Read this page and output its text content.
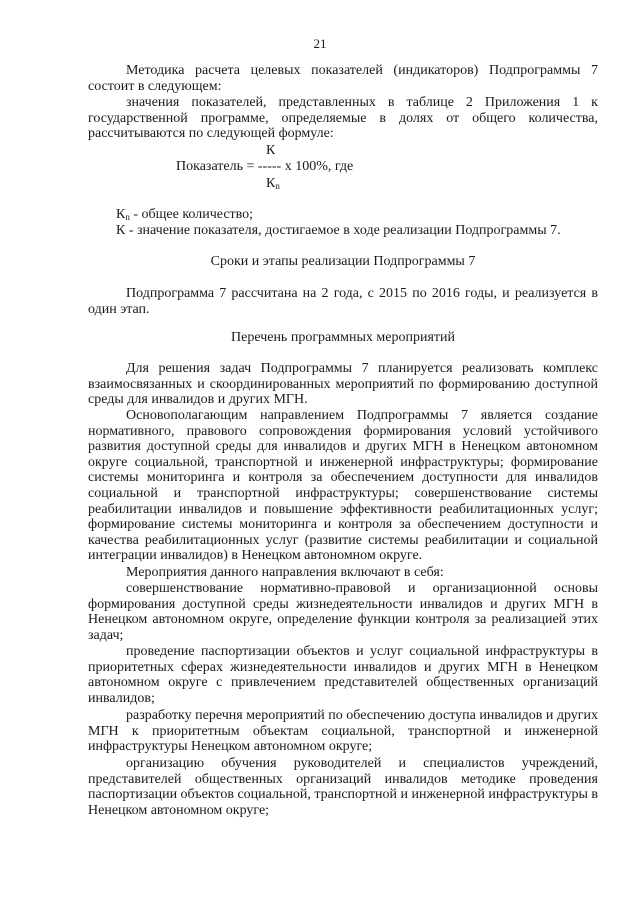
21

Методика расчета целевых показателей (индикаторов) Подпрограммы 7 состоит в следующем:

значения показателей, представленных в таблице 2 Приложения 1 к государственной программе, определяемые в долях от общего количества, рассчитываются по следующей формуле:

К
Показатель = ----- х 100%, где
$К_n$

$К_n$ - общее количество;

К - значение показателя, достигаемое в ходе реализации Подпрограммы 7.

Сроки и этапы реализации Подпрограммы 7

Подпрограмма 7 рассчитана на 2 года, с 2015 по 2016 годы, и реализуется в один этап.

Перечень программных мероприятий

Для решения задач Подпрограммы 7 планируется реализовать комплекс взаимосвязанных и скоординированных мероприятий по формированию доступной среды для инвалидов и других МГН.

Основополагающим направлением Подпрограммы 7 является создание нормативного, правового сопровождения формирования условий устойчивого развития доступной среды для инвалидов и других МГН в Ненецком автономном округе социальной, транспортной и инженерной инфраструктуры; формирование системы мониторинга и контроля за обеспечением доступности для инвалидов социальной и транспортной инфраструктуры; совершенствование системы реабилитации инвалидов и повышение эффективности реабилитационных услуг; формирование системы мониторинга и контроля за обеспечением доступности и качества реабилитационных услуг (развитие системы реабилитации и социальной интеграции инвалидов) в Ненецком автономном округе.

Мероприятия данного направления включают в себя:

совершенствование нормативно-правовой и организационной основы формирования доступной среды жизнедеятельности инвалидов и других МГН в Ненецком автономном округе, определение функции контроля за реализацией этих задач;

проведение паспортизации объектов и услуг социальной инфраструктуры в приоритетных сферах жизнедеятельности инвалидов и других МГН в Ненецком автономном округе с привлечением представителей общественных организаций инвалидов;

разработку перечня мероприятий по обеспечению доступа инвалидов и других МГН к приоритетным объектам социальной, транспортной и инженерной инфраструктуры Ненецком автономном округе;

организацию обучения руководителей и специалистов учреждений, представителей общественных организаций инвалидов методике проведения паспортизации объектов социальной, транспортной и инженерной инфраструктуры в Ненецком автономном округе;
